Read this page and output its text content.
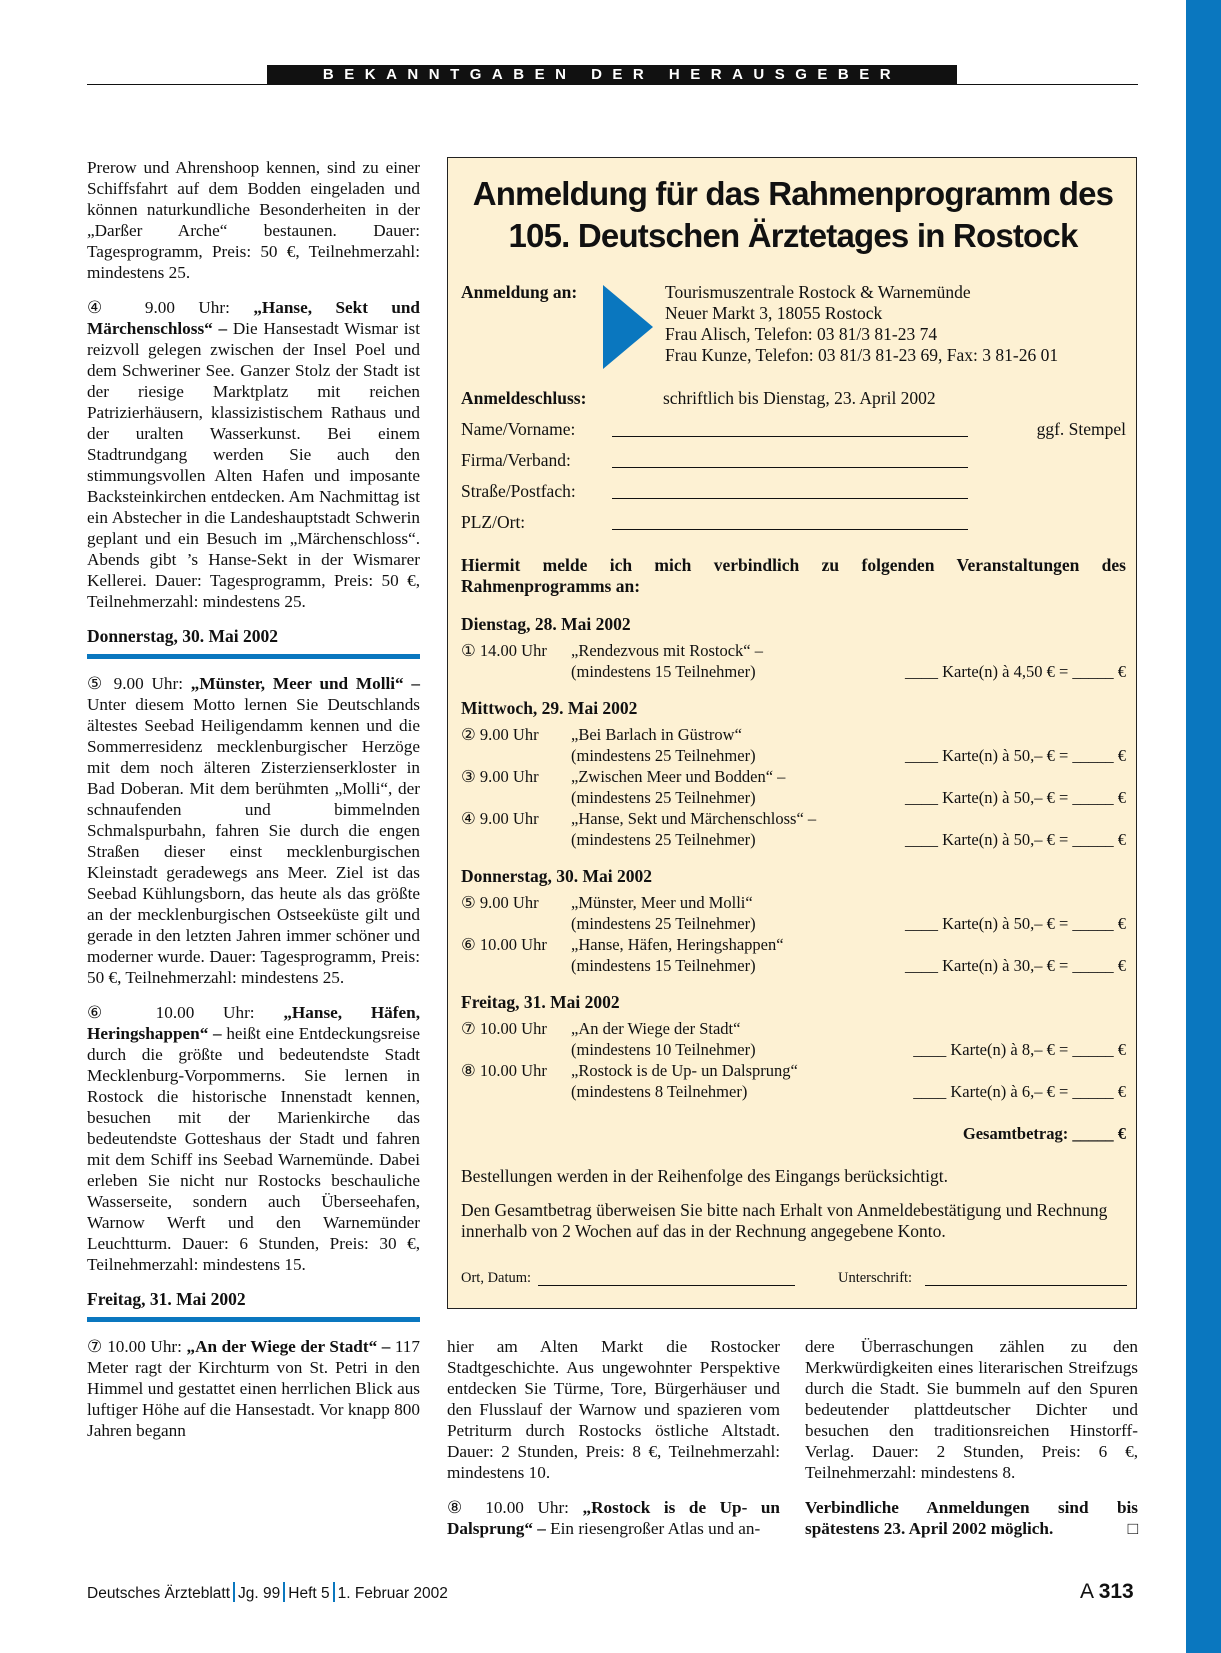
BEKANNTGABEN DER HERAUSGEBER

Prerow und Ahrenshoop kennen, sind zu einer Schiffsfahrt auf dem Bodden eingeladen und können naturkundliche Besonderheiten in der „Darßer Arche“ bestaunen. Dauer: Tagesprogramm, Preis: 50 €, Teilnehmerzahl: mindestens 25.

④ 9.00 Uhr: „Hanse, Sekt und Märchenschloss“ – Die Hansestadt Wismar ist reizvoll gelegen zwischen der Insel Poel und dem Schweriner See. Ganzer Stolz der Stadt ist der riesige Marktplatz mit reichen Patrizierhäusern, klassizistischem Rathaus und der uralten Wasserkunst. Bei einem Stadtrundgang werden Sie auch den stimmungsvollen Alten Hafen und imposante Backsteinkirchen entdecken. Am Nachmittag ist ein Abstecher in die Landeshauptstadt Schwerin geplant und ein Besuch im „Märchenschloss“. Abends gibt ’s Hanse-Sekt in der Wismarer Kellerei. Dauer: Tagesprogramm, Preis: 50 €, Teilnehmerzahl: mindestens 25.

Donnerstag, 30. Mai 2002

⑤ 9.00 Uhr: „Münster, Meer und Molli“ – Unter diesem Motto lernen Sie Deutschlands ältestes Seebad Heiligendamm kennen und die Sommerresidenz mecklenburgischer Herzöge mit dem noch älteren Zisterzienserkloster in Bad Doberan. Mit dem berühmten „Molli“, der schnaufenden und bimmelnden Schmalspurbahn, fahren Sie durch die engen Straßen dieser einst mecklenburgischen Kleinstadt geradewegs ans Meer. Ziel ist das Seebad Kühlungsborn, das heute als das größte an der mecklenburgischen Ostseeküste gilt und gerade in den letzten Jahren immer schöner und moderner wurde. Dauer: Tagesprogramm, Preis: 50 €, Teilnehmerzahl: mindestens 25.

⑥ 10.00 Uhr: „Hanse, Häfen, Heringshappen“ – heißt eine Entdeckungsreise durch die größte und bedeutendste Stadt Mecklenburg-Vorpommerns. Sie lernen in Rostock die historische Innenstadt kennen, besuchen mit der Marienkirche das bedeutendste Gotteshaus der Stadt und fahren mit dem Schiff ins Seebad Warnemünde. Dabei erleben Sie nicht nur Rostocks beschauliche Wasserseite, sondern auch Überseehafen, Warnow Werft und den Warnemünder Leuchtturm. Dauer: 6 Stunden, Preis: 30 €, Teilnehmerzahl: mindestens 15.

Freitag, 31. Mai 2002

⑦ 10.00 Uhr: „An der Wiege der Stadt“ – 117 Meter ragt der Kirchturm von St. Petri in den Himmel und gestattet einen herrlichen Blick aus luftiger Höhe auf die Hansestadt. Vor knapp 800 Jahren begann

hier am Alten Markt die Rostocker Stadtgeschichte. Aus ungewohnter Perspektive entdecken Sie Türme, Tore, Bürgerhäuser und den Flusslauf der Warnow und spazieren vom Petriturm durch Rostocks östliche Altstadt. Dauer: 2 Stunden, Preis: 8 €, Teilnehmerzahl: mindestens 10.

⑧ 10.00 Uhr: „Rostock is de Up- un Dalsprung“ – Ein riesengroßer Atlas und an-

dere Überraschungen zählen zu den Merkwürdigkeiten eines literarischen Streifzugs durch die Stadt. Sie bummeln auf den Spuren bedeutender plattdeutscher Dichter und besuchen den traditionsreichen Hinstorff-Verlag. Dauer: 2 Stunden, Preis: 6 €, Teilnehmerzahl: mindestens 8.

Verbindliche Anmeldungen sind bis spätestens 23. April 2002 möglich.	□

Anmeldung für das Rahmenprogramm des
105. Deutschen Ärztetages in Rostock
Anmeldung an:	Tourismuszentrale Rostock & Warnemünde
Neuer Markt 3, 18055 Rostock
Frau Alisch, Telefon: 03 81/3 81-23 74
Frau Kunze, Telefon: 03 81/3 81-23 69, Fax: 3 81-26 01
Anmeldeschluss:	schriftlich bis Dienstag, 23. April 2002
Name/Vorname:	ggf. Stempel
Firma/Verband:
Straße/Postfach:
PLZ/Ort:
Hiermit melde ich mich verbindlich zu folgenden Veranstaltungen des Rahmenprogramms an:
Dienstag, 28. Mai 2002
① 14.00 Uhr „Rendezvous mit Rostock“ –
(mindestens 15 Teilnehmer)	____ Karte(n) à 4,50 € = _____ €
Mittwoch, 29. Mai 2002
② 9.00 Uhr „Bei Barlach in Güstrow“
(mindestens 25 Teilnehmer)	____ Karte(n) à 50,– € = _____ €
③ 9.00 Uhr „Zwischen Meer und Bodden“ –
(mindestens 25 Teilnehmer)	____ Karte(n) à 50,– € = _____ €
④ 9.00 Uhr „Hanse, Sekt und Märchenschloss“ –
(mindestens 25 Teilnehmer)	____ Karte(n) à 50,– € = _____ €
Donnerstag, 30. Mai 2002
⑤ 9.00 Uhr „Münster, Meer und Molli“
(mindestens 25 Teilnehmer)	____ Karte(n) à 50,– € = _____ €
⑥ 10.00 Uhr „Hanse, Häfen, Heringshappen“
(mindestens 15 Teilnehmer)	____ Karte(n) à 30,– € = _____ €
Freitag, 31. Mai 2002
⑦ 10.00 Uhr „An der Wiege der Stadt“
(mindestens 10 Teilnehmer)	____ Karte(n) à 8,– € = _____ €
⑧ 10.00 Uhr „Rostock is de Up- un Dalsprung“
(mindestens 8 Teilnehmer)	____ Karte(n) à 6,– € = _____ €
Gesamtbetrag: _____ €
Bestellungen werden in der Reihenfolge des Eingangs berücksichtigt.
Den Gesamtbetrag überweisen Sie bitte nach Erhalt von Anmeldebestätigung und Rechnung innerhalb von 2 Wochen auf das in der Rechnung angegebene Konto.
Ort, Datum:	Unterschrift:
Deutsches Ärzteblatt Jg. 99 Heft 5 1. Februar 2002	A 313
